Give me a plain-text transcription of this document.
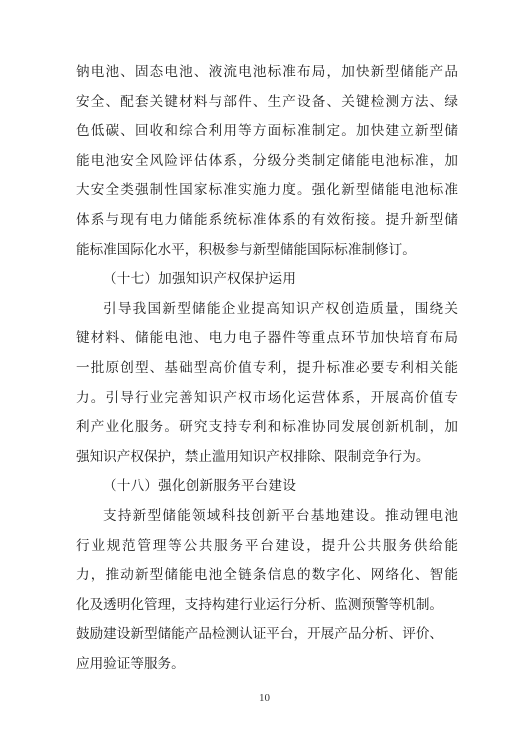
钠电池、固态电池、液流电池标准布局，加快新型储能产品
安全、配套关键材料与部件、生产设备、关键检测方法、绿
色低碳、回收和综合利用等方面标准制定。加快建立新型储
能电池安全风险评估体系，分级分类制定储能电池标准，加
大安全类强制性国家标准实施力度。强化新型储能电池标准
体系与现有电力储能系统标准体系的有效衔接。提升新型储
能标准国际化水平，积极参与新型储能国际标准制修订。
（十七）加强知识产权保护运用
引导我国新型储能企业提高知识产权创造质量，围绕关
键材料、储能电池、电力电子器件等重点环节加快培育布局
一批原创型、基础型高价值专利，提升标准必要专利相关能
力。引导行业完善知识产权市场化运营体系，开展高价值专
利产业化服务。研究支持专利和标准协同发展创新机制，加
强知识产权保护，禁止滥用知识产权排除、限制竞争行为。
（十八）强化创新服务平台建设
支持新型储能领域科技创新平台基地建设。推动锂电池
行业规范管理等公共服务平台建设，提升公共服务供给能
力，推动新型储能电池全链条信息的数字化、网络化、智能
化及透明化管理，支持构建行业运行分析、监测预警等机制。
鼓励建设新型储能产品检测认证平台，开展产品分析、评价、
应用验证等服务。
10
